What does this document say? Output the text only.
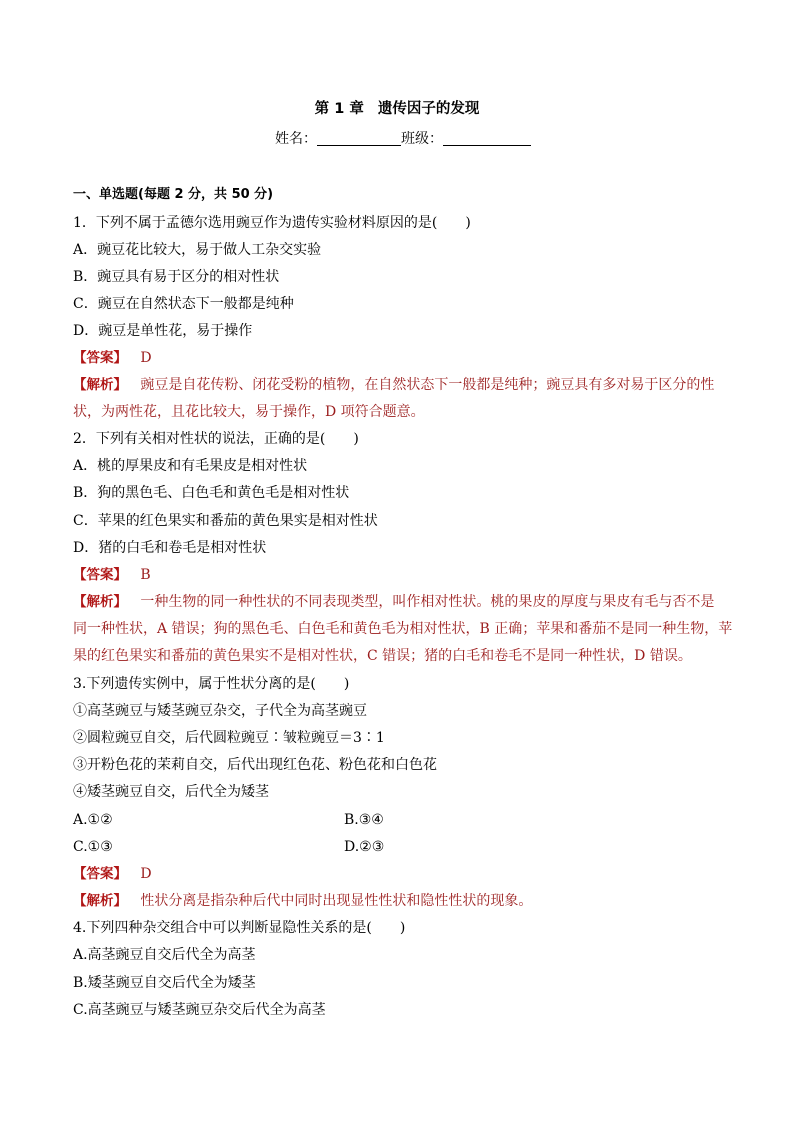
第 1 章 遗传因子的发现
姓名：	班级：
一、单选题(每题 2 分，共 50 分)
1．下列不属于孟德尔选用豌豆作为遗传实验材料原因的是(　　)
A．豌豆花比较大，易于做人工杂交实验
B．豌豆具有易于区分的相对性状
C．豌豆在自然状态下一般都是纯种
D．豌豆是单性花，易于操作
【答案】 D
【解析】 豌豆是自花传粉、闭花受粉的植物，在自然状态下一般都是纯种；豌豆具有多对易于区分的性
状，为两性花，且花比较大，易于操作，D 项符合题意。
2．下列有关相对性状的说法，正确的是(　　)
A．桃的厚果皮和有毛果皮是相对性状
B．狗的黑色毛、白色毛和黄色毛是相对性状
C．苹果的红色果实和番茄的黄色果实是相对性状
D．猪的白毛和卷毛是相对性状
【答案】 B
【解析】 一种生物的同一种性状的不同表现类型，叫作相对性状。桃的果皮的厚度与果皮有毛与否不是
同一种性状，A 错误；狗的黑色毛、白色毛和黄色毛为相对性状，B 正确；苹果和番茄不是同一种生物，苹
果的红色果实和番茄的黄色果实不是相对性状，C 错误；猪的白毛和卷毛不是同一种性状，D 错误。
3.下列遗传实例中，属于性状分离的是(　　)
①高茎豌豆与矮茎豌豆杂交，子代全为高茎豌豆
②圆粒豌豆自交，后代圆粒豌豆∶皱粒豌豆＝3∶1
③开粉色花的茉莉自交，后代出现红色花、粉色花和白色花
④矮茎豌豆自交，后代全为矮茎
A.①②	B.③④
C.①③	D.②③
【答案】 D
【解析】 性状分离是指杂种后代中同时出现显性性状和隐性性状的现象。
4.下列四种杂交组合中可以判断显隐性关系的是(　　)
A.高茎豌豆自交后代全为高茎
B.矮茎豌豆自交后代全为矮茎
C.高茎豌豆与矮茎豌豆杂交后代全为高茎
